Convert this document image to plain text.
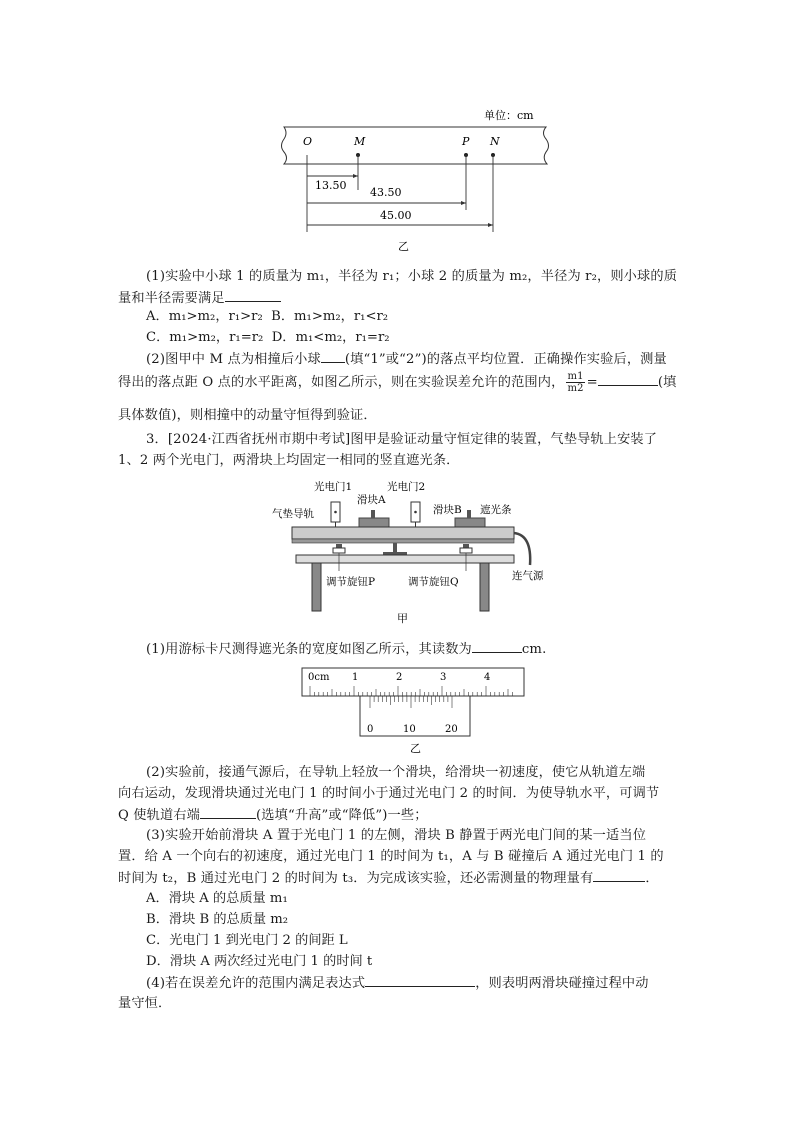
单位：cm
O	M	P N
13.50
43.50
45.00
乙
(1)实验中小球 1 的质量为 m₁，半径为 r₁；小球 2 的质量为 m₂，半径为 r₂，则小球的质

量和半径需要满足
A．m₁>m₂，r₁>r₂ B．m₁>m₂，r₁<r₂
C．m₁>m₂，r₁=r₂ D．m₁<m₂，r₁=r₂
(2)图甲中 M 点为相撞后小球 (填“1”或“2”)的落点平均位置．正确操作实验后，测量
得出的落点距 O 点的水平距离，如图乙所示，则在实验误差允许的范围内， $\frac{m1}{m2}$ =	(填
具体数值)，则相撞中的动量守恒得到验证．
3．[2024·江西省抚州市期中考试]图甲是验证动量守恒定律的装置，气垫导轨上安装了
1、2 两个光电门，两滑块上均固定一相同的竖直遮光条．
光电门1
滑块A
光电门2
滑块B 遮光条
气垫导轨
连气源
调节旋钮P	调节旋钮Q
甲
(1)用游标卡尺测得遮光条的宽度如图乙所示，其读数为	cm.
0cm 1	2	3	4
0	10	20
乙
(2)实验前，接通气源后，在导轨上轻放一个滑块，给滑块一初速度，使它从轨道左端
向右运动，发现滑块通过光电门 1 的时间小于通过光电门 2 的时间．为使导轨水平，可调节
Q 使轨道右端	(选填“升高”或“降低”)一些；
(3)实验开始前滑块 A 置于光电门 1 的左侧，滑块 B 静置于两光电门间的某一适当位
置．给 A 一个向右的初速度，通过光电门 1 的时间为 t₁，A 与 B 碰撞后 A 通过光电门 1 的
时间为 t₂，B 通过光电门 2 的时间为 t₃．为完成该实验，还必需测量的物理量有	．
A．滑块 A 的总质量 m₁
B．滑块 B 的总质量 m₂
C．光电门 1 到光电门 2 的间距 L
D．滑块 A 两次经过光电门 1 的时间 t
(4)若在误差允许的范围内满足表达式	，则表明两滑块碰撞过程中动
量守恒．
